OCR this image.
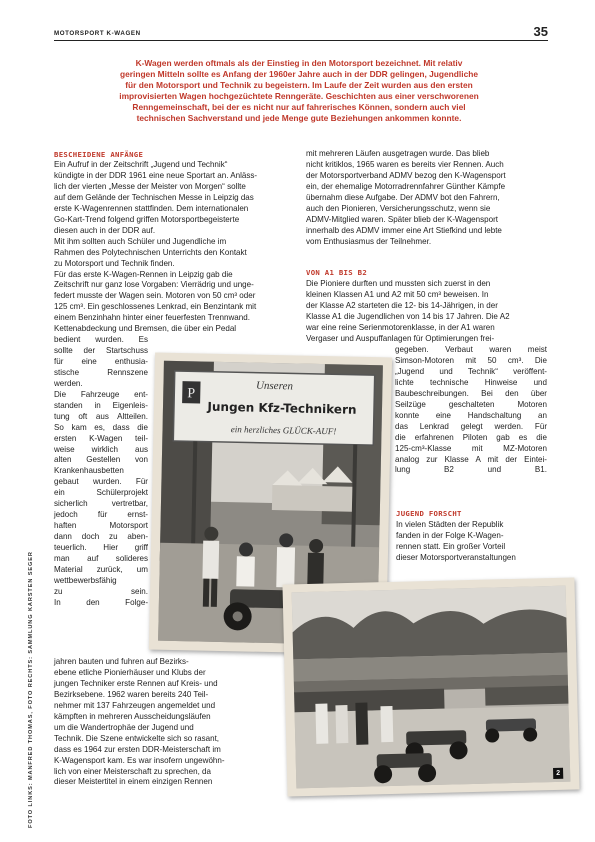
MOTORSPORT K-WAGEN	35
K-Wagen werden oftmals als der Einstieg in den Motorsport bezeichnet. Mit relativ
geringen Mitteln sollte es Anfang der 1960er Jahre auch in der DDR gelingen, Jugendliche
für den Motorsport und Technik zu begeistern. Im Laufe der Zeit wurden aus den ersten
improvisierten Wagen hochgezüchtete Renngeräte. Geschichten aus einer verschworenen
Renngemeinschaft, bei der es nicht nur auf fahrerisches Können, sondern auch viel
technischen Sachverstand und jede Menge gute Beziehungen ankommen konnte.
BESCHEIDENE ANFÄNGE
Ein Aufruf in der Zeitschrift „Jugend und Technik“
kündigte in der DDR 1961 eine neue Sportart an. Anläss-
lich der vierten „Messe der Meister von Morgen“ sollte
auf dem Gelände der Technischen Messe in Leipzig das
erste K-Wagenrennen stattfinden. Dem internationalen
Go-Kart-Trend folgend griffen Motorsportbegeisterte
diesen auch in der DDR auf.
Mit ihm sollten auch Schüler und Jugendliche im
Rahmen des Polytechnischen Unterrichts den Kontakt
zu Motorsport und Technik finden.
Für das erste K-Wagen-Rennen in Leipzig gab die
Zeitschrift nur ganz lose Vorgaben: Vierrädrig und unge-
federt musste der Wagen sein. Motoren von 50 cm³ oder
125 cm³. Ein geschlossenes Lenkrad, ein Benzintank mit
einem Benzinhahn hinter einer feuerfesten Trennwand.
Kettenabdeckung und Bremsen, die über ein Pedal
bedient wurden. Es
sollte der Startschuss
für eine enthusia-
stische Rennszene
werden.
Die Fahrzeuge ent-
standen in Eigenleis-
tung oft aus Altteilen.
So kam es, dass die
ersten K-Wagen teil-
weise wirklich aus
alten Gestellen von
Krankenhausbetten
gebaut wurden. Für
ein Schülerprojekt
sicherlich vertretbar,
jedoch für ernst-
haften Motorsport
dann doch zu aben-
teuerlich. Hier griff
man auf solideres
Material zurück, um
wettbewerbsfähig
zu sein.
In den Folge-
jahren bauten und fuhren auf Bezirks-
ebene etliche Pionierhäuser und Klubs der
jungen Techniker erste Rennen auf Kreis- und
Bezirksebene. 1962 waren bereits 240 Teil-
nehmer mit 137 Fahrzeugen angemeldet und
kämpften in mehreren Ausscheidungsläufen
um die Wandertrophäe der Jugend und
Technik. Die Szene entwickelte sich so rasant,
dass es 1964 zur ersten DDR-Meisterschaft im
K-Wagensport kam. Es war insofern ungewöhn-
lich von einer Meisterschaft zu sprechen, da
dieser Meistertitel in einem einzigen Rennen
mit mehreren Läufen ausgetragen wurde. Das blieb
nicht kritiklos, 1965 waren es bereits vier Rennen. Auch
der Motorsportverband ADMV bezog den K-Wagensport
ein, der ehemalige Motorradrennfahrer Günther Kämpfe
übernahm diese Aufgabe. Der ADMV bot den Fahrern,
auch den Pionieren, Versicherungsschutz, wenn sie
ADMV-Mitglied waren. Später blieb der K-Wagensport
innerhalb des ADMV immer eine Art Stiefkind und lebte
vom Enthusiasmus der Teilnehmer.
VON A1 BIS B2
Die Pioniere durften und mussten sich zuerst in den
kleinen Klassen A1 und A2 mit 50 cm³ beweisen. In
der Klasse A2 starteten die 12- bis 14-Jährigen, in der
Klasse A1 die Jugendlichen von 14 bis 17 Jahren. Die A2
war eine reine Serienmotorenklasse, in der A1 waren
Vergaser und Auspuffanlagen für Optimierungen frei-
gegeben. Verbaut waren meist
Simson-Motoren mit 50 cm³. Die
„Jugend und Technik“ veröffent-
lichte technische Hinweise und
Baubeschreibungen. Bei den über
Seilzüge geschalteten Motoren
konnte eine Handschaltung an
das Lenkrad gelegt werden. Für
die erfahrenen Piloten gab es die
125-cm³-Klasse mit MZ-Motoren
analog zur Klasse A mit der Eintei-
lung B2 und B1.
JUGEND FORSCHT
In vielen Städten der Republik
fanden in der Folge K-Wagen-
rennen statt. Ein großer Vorteil
dieser Motorsportveranstaltungen
P
Unseren
Jungen Kfz-Technikern
ein herzliches GLÜCK-AUF!
2
FOTO LINKS: MANFRED THOMAS, FOTO RECHTS: SAMMLUNG KARSTEN SEGER
